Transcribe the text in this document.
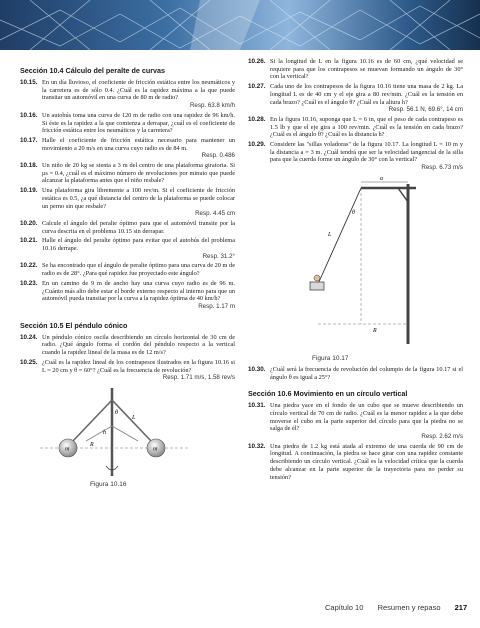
Sección 10.4 Cálculo del peralte de curvas
10.15. En un día lluvioso, el coeficiente de fricción estática entre los neumáticos y la carretera es de sólo 0.4. ¿Cuál es la rapidez máxima a la que puede transitar un automóvil en una curva de 80 m de radio?
Resp. 63.8 km/h
10.16. Un autobús toma una curva de 120 m de radio con una rapidez de 96 km/h. Si éste es la rapidez a la que comienza a derrapar, ¿cuál es el coeficiente de fricción estática entre los neumáticos y la carretera?
10.17. Halle el coeficiente de fricción estática necesario para mantener un movimiento a 20 m/s en una curva cuyo radio es de 84 m.
Resp. 0.486
10.18. Un niño de 20 kg se sienta a 3 m del centro de una plataforma giratoria. Si μs = 0.4, ¿cuál es el máximo número de revoluciones por minuto que puede alcanzar la plataforma antes que el niño resbale?
10.19. Una plataforma gira libremente a 100 rev/m. Si el coeficiente de fricción estática es 0.5, ¿a qué distancia del centro de la plataforma se puede colocar un perno sin que resbale?
Resp. 4.45 cm
10.20. Calcule el ángulo del peralte óptimo para que el automóvil transite por la curva descrita en el problema 10.15 sin derrapar.
10.21. Halle el ángulo del peralte óptimo para evitar que el autobús del problema 10.16 derrape.
Resp. 31.2°
10.22. Se ha encontrado que el ángulo de peralte óptimo para una curva de 20 m de radio es de 28°. ¿Para qué rapidez fue proyectado este ángulo?
10.23. En un camino de 9 m de ancho hay una curva cuyo radio es de 96 m. ¿Cuánto más alto debe estar el borde externo respecto al interno para que un automóvil pueda transitar por la curva a la rapidez óptima de 40 km/h?
Resp. 1.17 m
Sección 10.5 El péndulo cónico
10.24. Un péndulo cónico oscila describiendo un círculo horizontal de 30 cm de radio. ¿Qué ángulo forma el cordón del péndulo respecto a la vertical cuando la rapidez lineal de la masa es de 12 m/s?
10.25. ¿Cuál es la rapidez lineal de los contrapesos ilustrados en la figura 10.16 si L = 20 cm y θ = 60°? ¿Cuál es la frecuencia de revolución?
Resp. 1.71 m/s, 1.58 rev/s
m	m
θ
L
R
h
Figura 10.16
10.26. Si la longitud de L en la figura 10.16 es de 60 cm, ¿qué velocidad se requiere para que los contrapesos se muevan formando un ángulo de 30° con la vertical?
10.27. Cada uno de los contrapesos de la figura 10.16 tiene una masa de 2 kg. La longitud L es de 40 cm y el eje gira a 80 rev/min. ¿Cuál es la tensión en cada brazo? ¿Cuál es el ángulo θ? ¿Cuál es la altura h?
Resp. 56.1 N, 69.6°, 14 cm
10.28. En la figura 10.16, suponga que L = 6 in, que el peso de cada contrapeso es 1.5 lb y que el eje gira a 100 rev/min. ¿Cuál es la tensión en cada brazo? ¿Cuál es el ángulo θ? ¿Cuál es la distancia h?
10.29. Considere las "sillas voladoras" de la figura 10.17. La longitud L = 10 m y la distancia a = 3 m. ¿Cuál tendrá que ser la velocidad tangencial de la silla para que la cuerda forme un ángulo de 30° con la vertical?
Resp. 6.73 m/s
a
L
θ
R
Figura 10.17
10.30. ¿Cuál será la frecuencia de revolución del columpio de la figura 10.17 si el ángulo θ es igual a 25°?
Sección 10.6 Movimiento en un círculo vertical
10.31. Una piedra yace en el fondo de un cubo que se mueve describiendo un círculo vertical de 70 cm de radio. ¿Cuál es la menor rapidez a la que debe moverse el cubo en la parte superior del círculo para que la piedra no se salga de él?
Resp. 2.62 m/s
10.32. Una piedra de 1.2 kg está atada al extremo de una cuerda de 90 cm de longitud. A continuación, la piedra se hace girar con una rapidez constante describiendo un círculo vertical. ¿Cuál es la velocidad crítica que la cuerda debe alcanzar en la parte superior de la trayectoria para no perder su tensión?
Capítulo 10 Resumen y repaso 217
